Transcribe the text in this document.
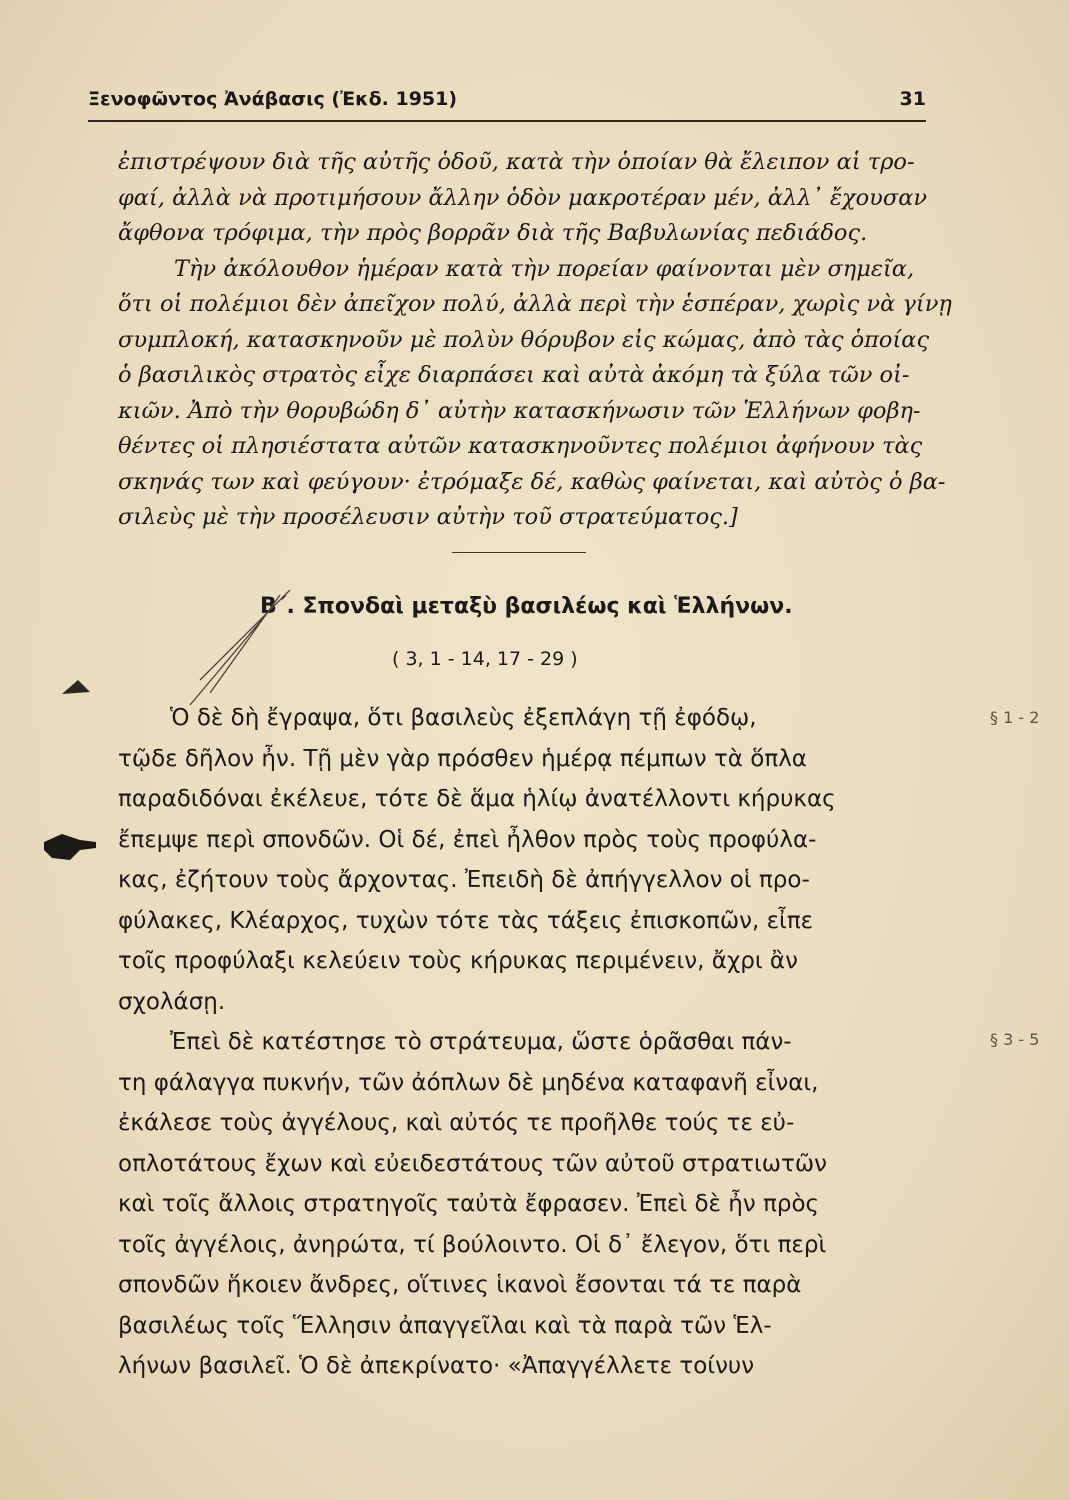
Ξενοφῶντος Ἀνάβασις (Ἐκδ. 1951)	31

ἐπιστρέψουν διὰ τῆς αὐτῆς ὁδοῦ, κατὰ τὴν ὁποίαν θὰ ἔλειπον αἱ τρο-

φαί, ἀλλὰ νὰ προτιμήσουν ἄλλην ὁδὸν μακροτέραν μέν, ἀλλ᾽ ἔχουσαν

ἄφθονα τρόφιμα, τὴν πρὸς βορρᾶν διὰ τῆς Βαβυλωνίας πεδιάδος.

Τὴν ἀκόλουθον ἡμέραν κατὰ τὴν πορείαν φαίνονται μὲν σημεῖα,

ὅτι οἱ πολέμιοι δὲν ἀπεῖχον πολύ, ἀλλὰ περὶ τὴν ἑσπέραν, χωρὶς νὰ γίνῃ

συμπλοκή, κατασκηνοῦν μὲ πολὺν θόρυβον εἰς κώμας, ἀπὸ τὰς ὁποίας

ὁ βασιλικὸς στρατὸς εἶχε διαρπάσει καὶ αὐτὰ ἀκόμη τὰ ξύλα τῶν οἰ-

κιῶν. Ἀπὸ τὴν θορυβώδη δ᾽ αὐτὴν κατασκήνωσιν τῶν Ἑλλήνων φοβη-

θέντες οἱ πλησιέστατα αὐτῶν κατασκηνοῦντες πολέμιοι ἀφήνουν τὰς

σκηνάς των καὶ φεύγουν· ἐτρόμαξε δέ, καθὼς φαίνεται, καὶ αὐτὸς ὁ βα-

σιλεὺς μὲ τὴν προσέλευσιν αὐτὴν τοῦ στρατεύματος.]

Β΄. Σπονδαὶ μεταξὺ βασιλέως καὶ Ἑλλήνων.
( 3, 1 - 14, 17 - 29 )

Ὁ δὲ δὴ ἔγραψα, ὅτι βασιλεὺς ἐξεπλάγη τῇ ἐφόδῳ,

τῷδε δῆλον ἦν. Τῇ μὲν γὰρ πρόσθεν ἡμέρᾳ πέμπων τὰ ὅπλα

παραδιδόναι ἐκέλευε, τότε δὲ ἅμα ἡλίῳ ἀνατέλλοντι κήρυκας

ἔπεμψε περὶ σπονδῶν. Οἱ δέ, ἐπεὶ ἦλθον πρὸς τοὺς προφύλα-

κας, ἐζήτουν τοὺς ἄρχοντας. Ἐπειδὴ δὲ ἀπήγγελλον οἱ προ-

φύλακες, Κλέαρχος, τυχὼν τότε τὰς τάξεις ἐπισκοπῶν, εἶπε

τοῖς προφύλαξι κελεύειν τοὺς κήρυκας περιμένειν, ἄχρι ἂν

σχολάσῃ.

Ἐπεὶ δὲ κατέστησε τὸ στράτευμα, ὥστε ὁρᾶσθαι πάν-

τη φάλαγγα πυκνήν, τῶν ἀόπλων δὲ μηδένα καταφανῆ εἶναι,

ἐκάλεσε τοὺς ἀγγέλους, καὶ αὐτός τε προῆλθε τούς τε εὐ-

οπλοτάτους ἔχων καὶ εὐειδεστάτους τῶν αὐτοῦ στρατιωτῶν

καὶ τοῖς ἄλλοις στρατηγοῖς ταὐτὰ ἔφρασεν. Ἐπεὶ δὲ ἦν πρὸς

τοῖς ἀγγέλοις, ἀνηρώτα, τί βούλοιντο. Οἱ δ᾽ ἔλεγον, ὅτι περὶ

σπονδῶν ἥκοιεν ἄνδρες, οἵτινες ἱκανοὶ ἔσονται τά τε παρὰ

βασιλέως τοῖς Ἕλλησιν ἀπαγγεῖλαι καὶ τὰ παρὰ τῶν Ἑλ-

λήνων βασιλεῖ. Ὁ δὲ ἀπεκρίνατο· «Ἀπαγγέλλετε τοίνυν

§ 1 - 2
§ 3 - 5
